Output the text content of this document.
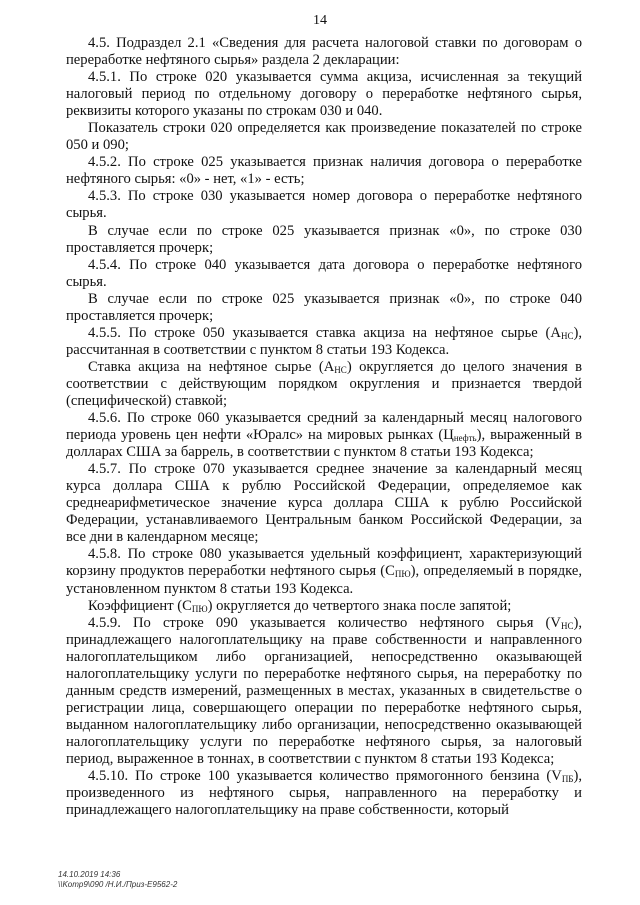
14

4.5. Подраздел 2.1 «Сведения для расчета налоговой ставки по договорам о переработке нефтяного сырья» раздела 2 декларации:

4.5.1. По строке 020 указывается сумма акциза, исчисленная за текущий налоговый период по отдельному договору о переработке нефтяного сырья, реквизиты которого указаны по строкам 030 и 040.

Показатель строки 020 определяется как произведение показателей по строке 050 и 090;

4.5.2. По строке 025 указывается признак наличия договора о переработке нефтяного сырья: «0» - нет, «1» - есть;

4.5.3. По строке 030 указывается номер договора о переработке нефтяного сырья.

В случае если по строке 025 указывается признак «0», по строке 030 проставляется прочерк;

4.5.4. По строке 040 указывается дата договора о переработке нефтяного сырья.

В случае если по строке 025 указывается признак «0», по строке 040 проставляется прочерк;

4.5.5. По строке 050 указывается ставка акциза на нефтяное сырье $(А_{НС})$, рассчитанная в соответствии с пунктом 8 статьи 193 Кодекса.

Ставка акциза на нефтяное сырье $(А_{НС})$ округляется до целого значения в соответствии с действующим порядком округления и признается твердой (специфической) ставкой;

4.5.6. По строке 060 указывается средний за календарный месяц налогового периода уровень цен нефти «Юралс» на мировых рынках $(Ц_{нефть})$, выраженный в долларах США за баррель, в соответствии с пунктом 8 статьи 193 Кодекса;

4.5.7. По строке 070 указывается среднее значение за календарный месяц курса доллара США к рублю Российской Федерации, определяемое как среднеарифметическое значение курса доллара США к рублю Российской Федерации, устанавливаемого Центральным банком Российской Федерации, за все дни в календарном месяце;

4.5.8. По строке 080 указывается удельный коэффициент, характеризующий корзину продуктов переработки нефтяного сырья $(С_{ПЮ})$, определяемый в порядке, установленном пунктом 8 статьи 193 Кодекса.

Коэффициент $(С_{ПЮ})$ округляется до четвертого знака после запятой;

4.5.9. По строке 090 указывается количество нефтяного сырья $(V_{НС})$, принадлежащего налогоплательщику на праве собственности и направленного налогоплательщиком либо организацией, непосредственно оказывающей налогоплательщику услуги по переработке нефтяного сырья, на переработку по данным средств измерений, размещенных в местах, указанных в свидетельстве о регистрации лица, совершающего операции по переработке нефтяного сырья, выданном налогоплательщику либо организации, непосредственно оказывающей налогоплательщику услуги по переработке нефтяного сырья, за налоговый период, выраженное в тоннах, в соответствии с пунктом 8 статьи 193 Кодекса;

4.5.10. По строке 100 указывается количество прямогонного бензина $(V_{ПБ})$, произведенного из нефтяного сырья, направленного на переработку и принадлежащего налогоплательщику на праве собственности, который

14.10.2019 14:36
\\Komp9\090 /Н.И./Приз-E9562-2
